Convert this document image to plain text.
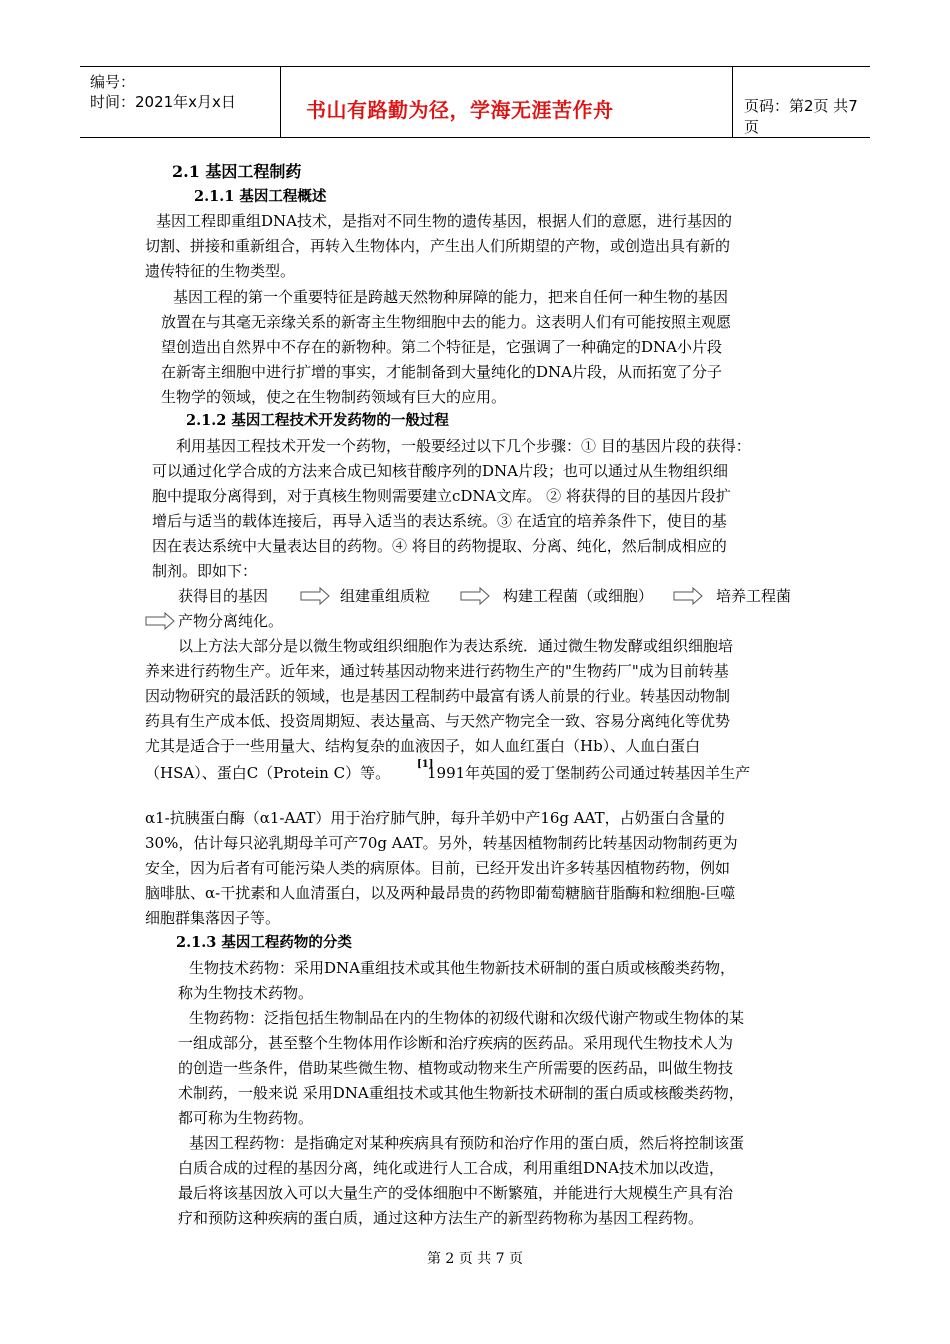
编号：
时间：2021年x月x日	书山有路勤为径，学海无涯苦作舟	页码：第2页 共7页
2.1 基因工程制药
2.1.1 基因工程概述
基因工程即重组DNA技术，是指对不同生物的遗传基因，根据人们的意愿，进行基因的
切割、拼接和重新组合，再转入生物体内，产生出人们所期望的产物，或创造出具有新的
遗传特征的生物类型。
基因工程的第一个重要特征是跨越天然物种屏障的能力，把来自任何一种生物的基因
放置在与其毫无亲缘关系的新寄主生物细胞中去的能力。这表明人们有可能按照主观愿
望创造出自然界中不存在的新物种。第二个特征是，它强调了一种确定的DNA小片段
在新寄主细胞中进行扩增的事实，才能制备到大量纯化的DNA片段，从而拓宽了分子
生物学的领域，使之在生物制药领域有巨大的应用。
2.1.2 基因工程技术开发药物的一般过程
利用基因工程技术开发一个药物，一般要经过以下几个步骤：① 目的基因片段的获得：
可以通过化学合成的方法来合成已知核苷酸序列的DNA片段；也可以通过从生物组织细
胞中提取分离得到，对于真核生物则需要建立cDNA文库。 ② 将获得的目的基因片段扩
增后与适当的载体连接后，再导入适当的表达系统。③ 在适宜的培养条件下，使目的基
因在表达系统中大量表达目的药物。④ 将目的药物提取、分离、纯化，然后制成相应的
制剂。即如下：
获得目的基因	组建重组质粒	构建工程菌（或细胞）	培养工程菌
产物分离纯化。
以上方法大部分是以微生物或组织细胞作为表达系统．通过微生物发酵或组织细胞培
养来进行药物生产。近年来，通过转基因动物来进行药物生产的"生物药厂"成为目前转基
因动物研究的最活跃的领域，也是基因工程制药中最富有诱人前景的行业。转基因动物制
药具有生产成本低、投资周期短、表达量高、与天然产物完全一致、容易分离纯化等优势
尤其是适合于一些用量大、结构复杂的血液因子，如人血红蛋白（Hb）、人血白蛋白
（HSA）、蛋白C（Protein C）等。	[1]
1991年英国的爱丁堡制药公司通过转基因羊生产
α1-抗胰蛋白酶（α1-AAT）用于治疗肺气肿，每升羊奶中产16g AAT，占奶蛋白含量的
30%，估计每只泌乳期母羊可产70g AAT。另外，转基因植物制药比转基因动物制药更为
安全，因为后者有可能污染人类的病原体。目前，已经开发出许多转基因植物药物，例如
脑啡肽、α-干扰素和人血清蛋白，以及两种最昂贵的药物即葡萄糖脑苷脂酶和粒细胞-巨噬
细胞群集落因子等。
2.1.3 基因工程药物的分类
生物技术药物：采用DNA重组技术或其他生物新技术研制的蛋白质或核酸类药物，
称为生物技术药物。
生物药物：泛指包括生物制品在内的生物体的初级代谢和次级代谢产物或生物体的某
一组成部分，甚至整个生物体用作诊断和治疗疾病的医药品。采用现代生物技术人为
的创造一些条件，借助某些微生物、植物或动物来生产所需要的医药品，叫做生物技
术制药，一般来说 采用DNA重组技术或其他生物新技术研制的蛋白质或核酸类药物，
都可称为生物药物。
基因工程药物：是指确定对某种疾病具有预防和治疗作用的蛋白质，然后将控制该蛋
白质合成的过程的基因分离，纯化或进行人工合成，利用重组DNA技术加以改造，
最后将该基因放入可以大量生产的受体细胞中不断繁殖，并能进行大规模生产具有治
疗和预防这种疾病的蛋白质，通过这种方法生产的新型药物称为基因工程药物。
第 2 页 共 7 页
